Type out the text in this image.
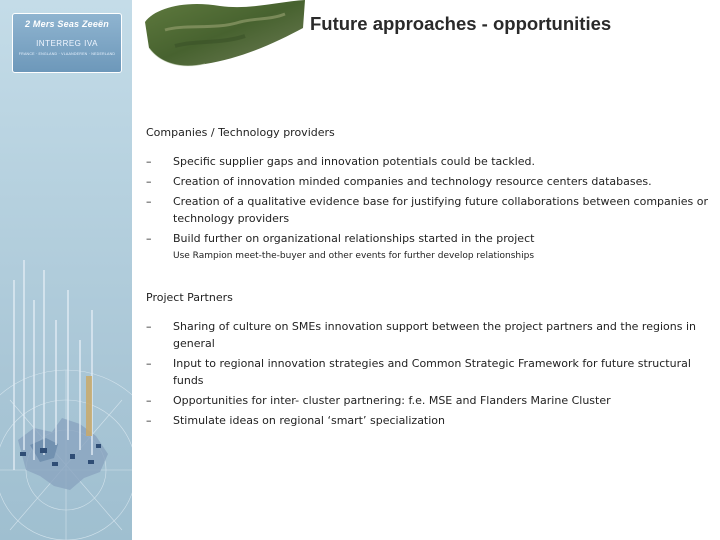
2 Mers Seas Zeeën
INTERREG IVA
FRANCE · ENGLAND · VLAANDEREN · NEDERLAND
Future approaches - opportunities

Companies / Technology providers

– Specific supplier gaps and innovation potentials could be tackled.
– Creation of innovation minded companies and technology resource centers databases.
– Creation of a qualitative evidence base for justifying future collaborations between companies or technology providers
– Build further on organizational relationships started in the project
Use Rampion meet-the-buyer and other events for further develop relationships

Project Partners

– Sharing of culture on SMEs innovation support between the project partners and the regions in general
– Input to regional innovation strategies and Common Strategic Framework for future structural funds
– Opportunities for inter- cluster partnering: f.e. MSE and Flanders Marine Cluster
– Stimulate ideas on regional ‘smart’ specialization
